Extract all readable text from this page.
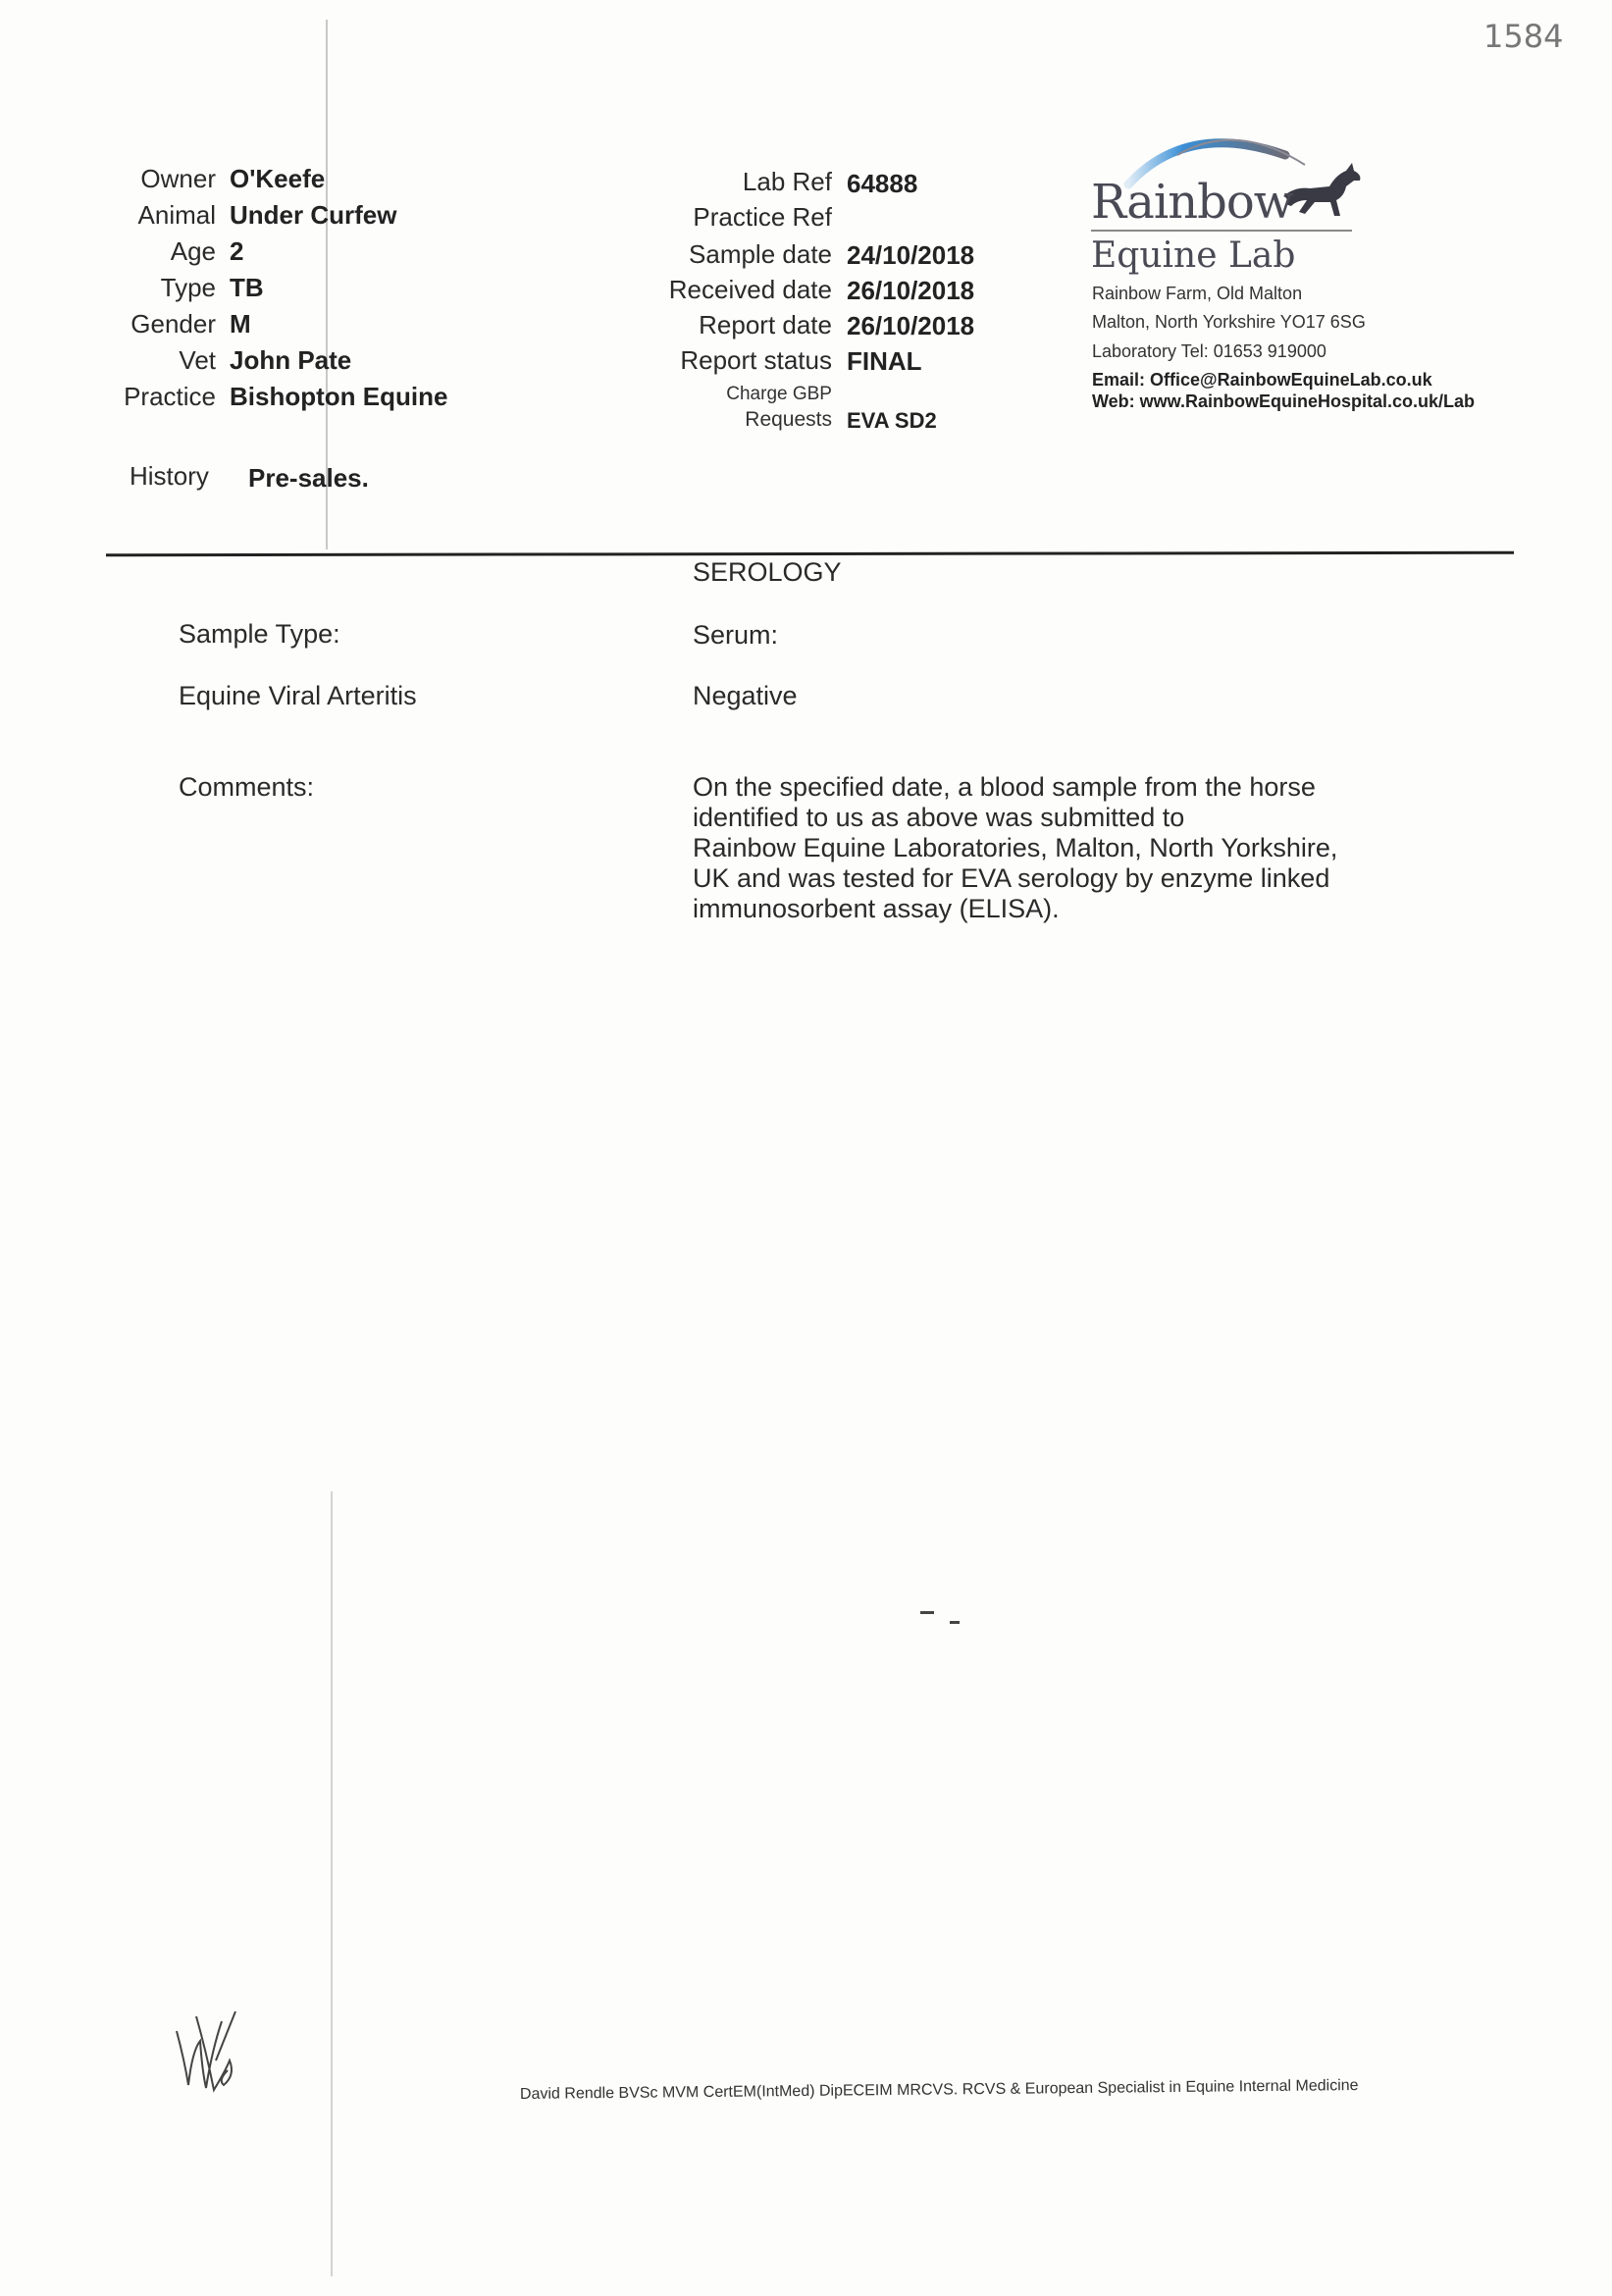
1584
Owner O'Keefe
Animal Under Curfew
Age 2
Type TB
Gender M
Vet John Pate
Practice Bishopton Equine
History Pre-sales.
Lab Ref 64888
Practice Ref
Sample date 24/10/2018
Received date 26/10/2018
Report date 26/10/2018
Report status FINAL
Charge GBP
Requests EVA SD2
Rainbow
Equine Lab
Rainbow Farm, Old Malton
Malton, North Yorkshire YO17 6SG
Laboratory Tel: 01653 919000
Email: Office@RainbowEquineLab.co.uk
Web: www.RainbowEquineHospital.co.uk/Lab
SEROLOGY
Sample Type:	Serum:
Equine Viral Arteritis	Negative
Comments:	On the specified date, a blood sample from the horse
identified to us as above was submitted to
Rainbow Equine Laboratories, Malton, North Yorkshire,
UK and was tested for EVA serology by enzyme linked
immunosorbent assay (ELISA).
David Rendle BVSc MVM CertEM(IntMed) DipECEIM MRCVS. RCVS & European Specialist in Equine Internal Medicine
